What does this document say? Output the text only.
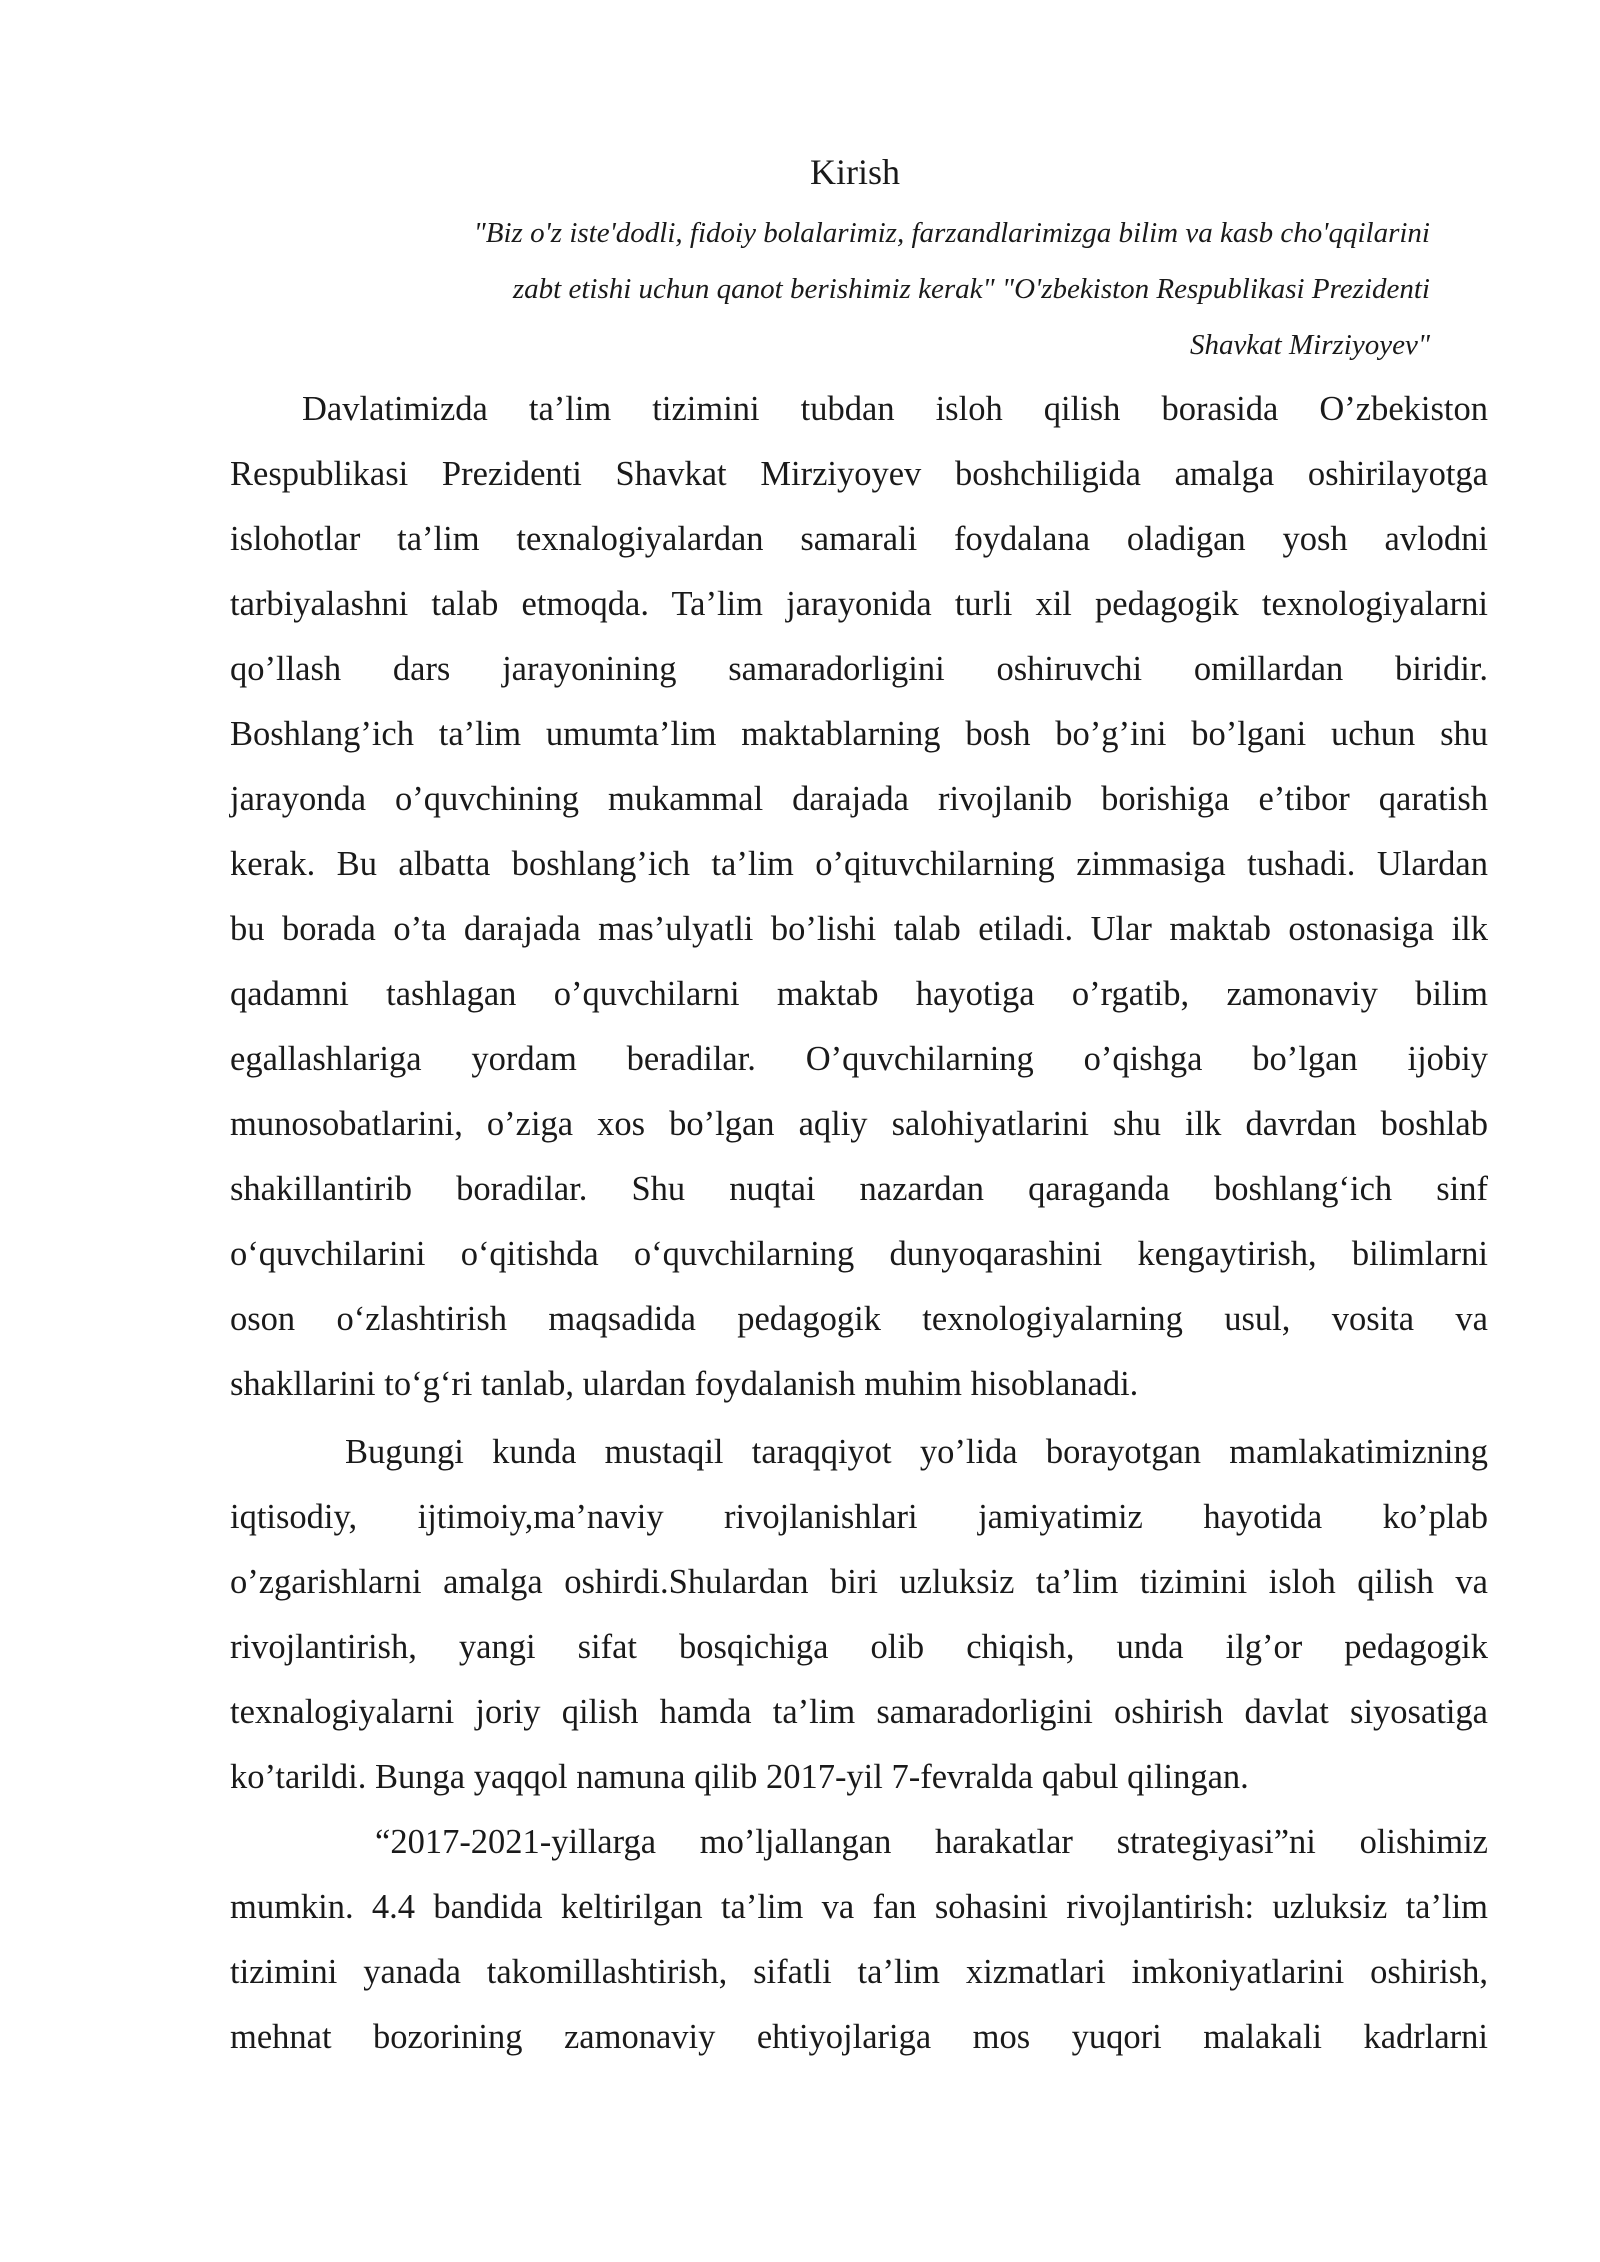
Kirish
"Biz o'z iste'dodli, fidoiy bolalarimiz, farzandlarimizga bilim va kasb cho'qqilarini
zabt etishi uchun qanot berishimiz kerak" "O'zbekiston Respublikasi Prezidenti
Shavkat Mirziyoyev"
Davlatimizda ta’lim tizimini tubdan isloh qilish borasida O’zbekiston
Respublikasi Prezidenti Shavkat Mirziyoyev boshchiligida amalga oshirilayotga
islohotlar ta’lim texnalogiyalardan samarali foydalana oladigan yosh avlodni
tarbiyalashni talab etmoqda. Ta’lim jarayonida turli xil pedagogik texnologiyalarni
qo’llash dars jarayonining samaradorligini oshiruvchi omillardan biridir.
Boshlang’ich ta’lim umumta’lim maktablarning bosh bo’g’ini bo’lgani uchun shu
jarayonda o’quvchining mukammal darajada rivojlanib borishiga e’tibor qaratish
kerak. Bu albatta boshlang’ich ta’lim o’qituvchilarning zimmasiga tushadi. Ulardan
bu borada o’ta darajada mas’ulyatli bo’lishi talab etiladi. Ular maktab ostonasiga ilk
qadamni tashlagan o’quvchilarni maktab hayotiga o’rgatib, zamonaviy bilim
egallashlariga yordam beradilar. O’quvchilarning o’qishga bo’lgan ijobiy
munosobatlarini, o’ziga xos bo’lgan aqliy salohiyatlarini shu ilk davrdan boshlab
shakillantirib boradilar. Shu nuqtai nazardan qaraganda boshlang‘ich sinf
o‘quvchilarini o‘qitishda o‘quvchilarning dunyoqarashini kengaytirish, bilimlarni
oson o‘zlashtirish maqsadida pedagogik texnologiyalarning usul, vosita va
shakllarini to‘g‘ri tanlab, ulardan foydalanish muhim hisoblanadi.
Bugungi kunda mustaqil taraqqiyot yo’lida borayotgan mamlakatimizning
iqtisodiy, ijtimoiy,ma’naviy rivojlanishlari jamiyatimiz hayotida ko’plab
o’zgarishlarni amalga oshirdi.Shulardan biri uzluksiz ta’lim tizimini isloh qilish va
rivojlantirish, yangi sifat bosqichiga olib chiqish, unda ilg’or pedagogik
texnalogiyalarni joriy qilish hamda ta’lim samaradorligini oshirish davlat siyosatiga
ko’tarildi. Bunga yaqqol namuna qilib 2017-yil 7-fevralda qabul qilingan.
“2017-2021-yillarga mo’ljallangan harakatlar strategiyasi”ni olishimiz
mumkin. 4.4 bandida keltirilgan ta’lim va fan sohasini rivojlantirish: uzluksiz ta’lim
tizimini yanada takomillashtirish, sifatli ta’lim xizmatlari imkoniyatlarini oshirish,
mehnat bozorining zamonaviy ehtiyojlariga mos yuqori malakali kadrlarni
